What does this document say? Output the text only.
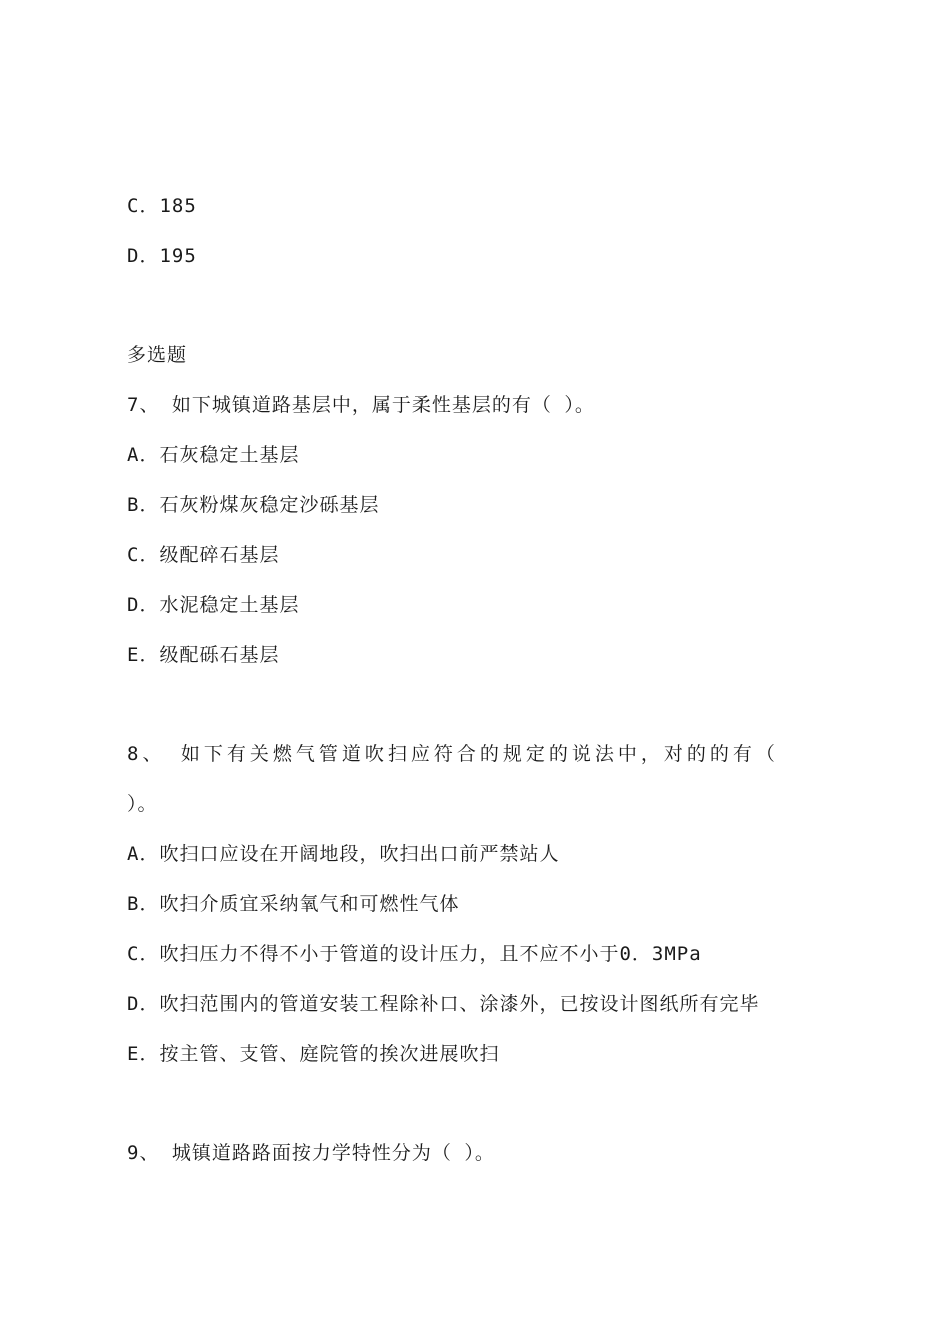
C．185
D．195
多选题
7、 如下城镇道路基层中，属于柔性基层的有（ ）。
A．石灰稳定土基层
B．石灰粉煤灰稳定沙砾基层
C．级配碎石基层
D．水泥稳定土基层
E．级配砾石基层
8、 如下有关燃气管道吹扫应符合的规定的说法中，对的的有（
）。
A．吹扫口应设在开阔地段，吹扫出口前严禁站人
B．吹扫介质宜采纳氧气和可燃性气体
C．吹扫压力不得不小于管道的设计压力，且不应不小于0．3MPa
D．吹扫范围内的管道安装工程除补口、涂漆外，已按设计图纸所有完毕
E．按主管、支管、庭院管的挨次进展吹扫
9、 城镇道路路面按力学特性分为（ ）。
